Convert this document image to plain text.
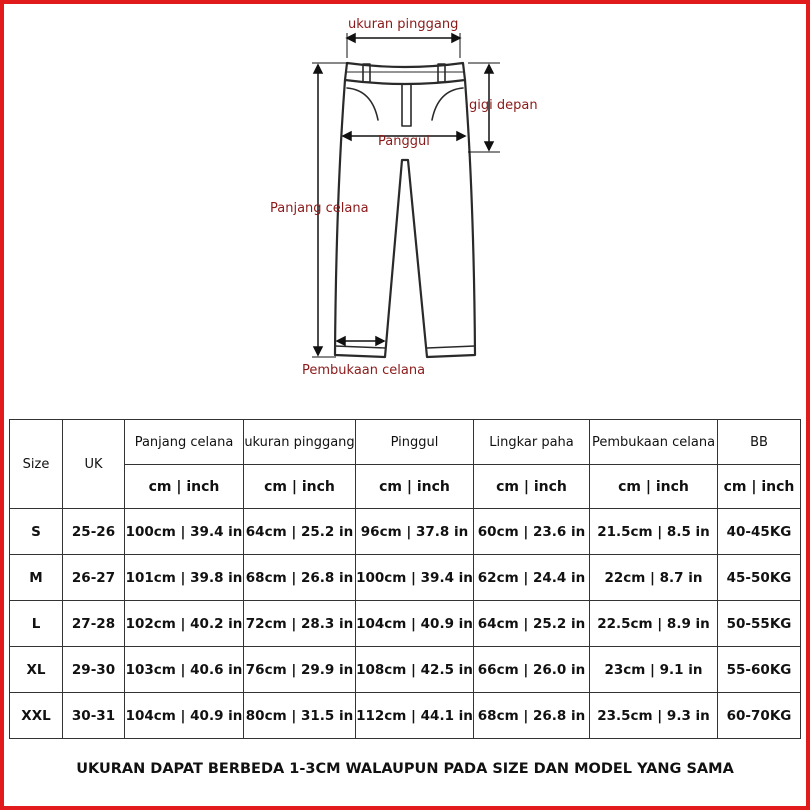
ukuran pinggang
gigi depan
Panggul
Panjang celana
Pembukaan celana
Size	UK	Panjang celana	ukuran pinggang	Pinggul	Lingkar paha	Pembukaan celana	BB
		cm | inch	cm | inch	cm | inch	cm | inch	cm | inch	cm | inch
S	25-26	100cm | 39.4 in	64cm | 25.2 in	96cm | 37.8 in	60cm | 23.6 in	21.5cm | 8.5 in	40-45KG
M	26-27	101cm | 39.8 in	68cm | 26.8 in	100cm | 39.4 in	62cm | 24.4 in	22cm | 8.7 in	45-50KG
L	27-28	102cm | 40.2 in	72cm | 28.3 in	104cm | 40.9 in	64cm | 25.2 in	22.5cm | 8.9 in	50-55KG
XL	29-30	103cm | 40.6 in	76cm | 29.9 in	108cm | 42.5 in	66cm | 26.0 in	23cm | 9.1 in	55-60KG
XXL	30-31	104cm | 40.9 in	80cm | 31.5 in	112cm | 44.1 in	68cm | 26.8 in	23.5cm | 9.3 in	60-70KG
UKURAN DAPAT BERBEDA 1-3CM WALAUPUN PADA SIZE DAN MODEL YANG SAMA
